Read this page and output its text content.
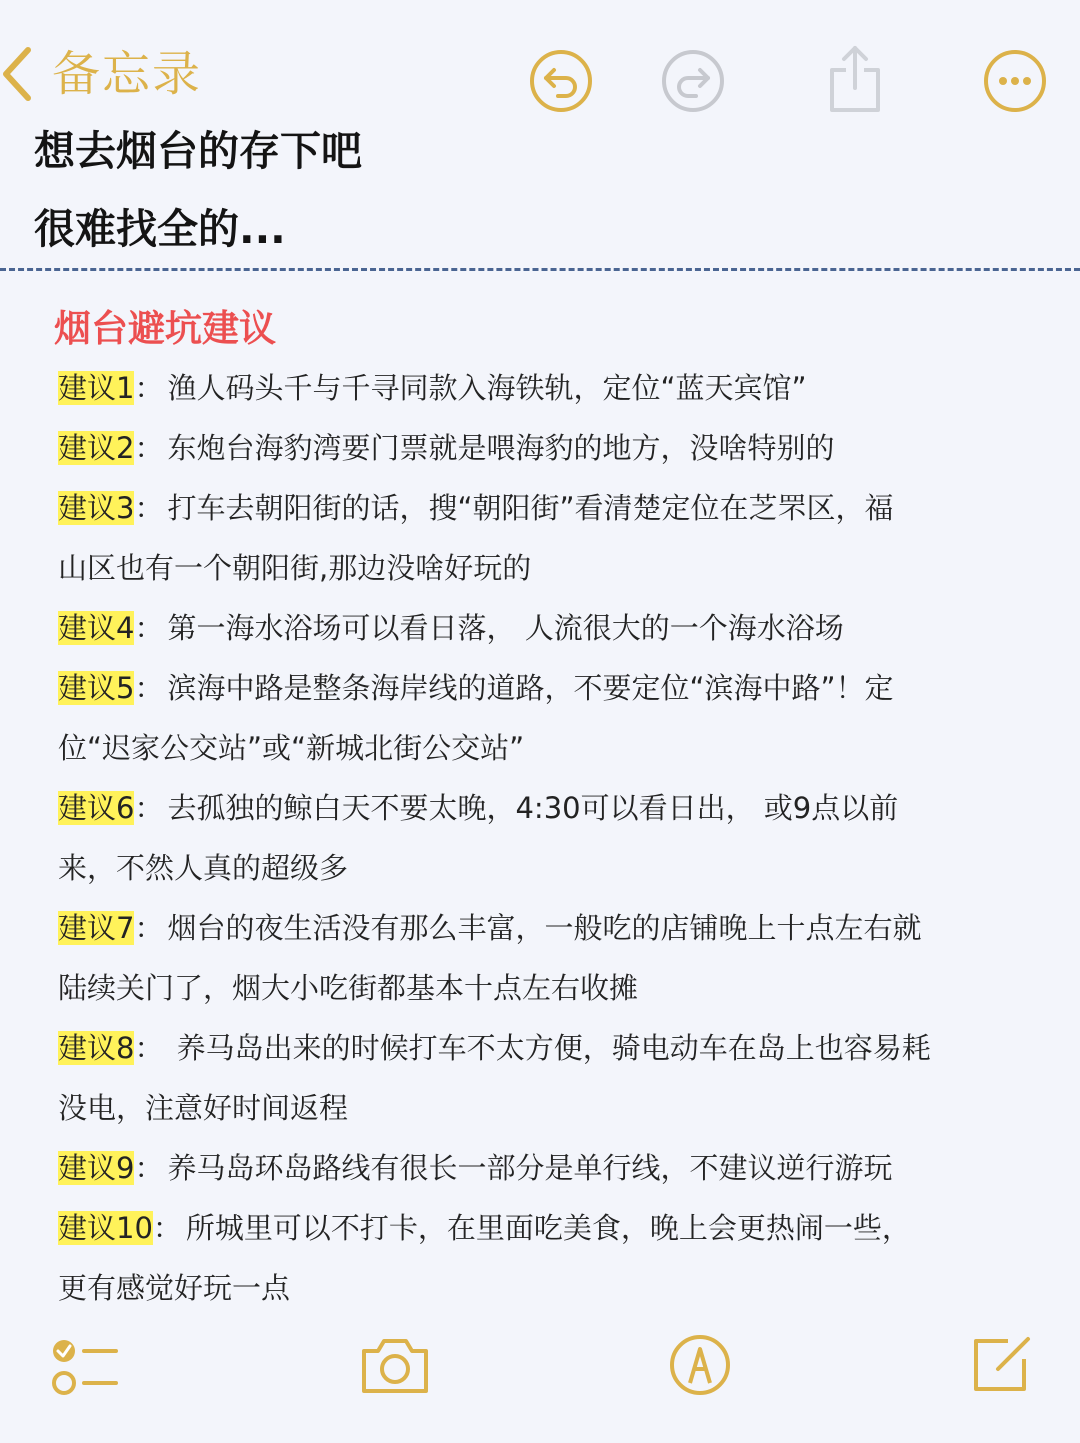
备忘录
想去烟台的存下吧
很难找全的...
烟台避坑建议
建议1： 渔人码头千与千寻同款入海铁轨，定位“蓝天宾馆”
建议2： 东炮台海豹湾要门票就是喂海豹的地方，没啥特别的
建议3： 打车去朝阳街的话，搜“朝阳街”看清楚定位在芝罘区，福
山区也有一个朝阳街,那边没啥好玩的
建议4： 第一海水浴场可以看日落， 人流很大的一个海水浴场
建议5： 滨海中路是整条海岸线的道路，不要定位“滨海中路”！定
位“迟家公交站”或“新城北街公交站”
建议6： 去孤独的鲸白天不要太晚，4:30可以看日出， 或9点以前
来，不然人真的超级多
建议7： 烟台的夜生活没有那么丰富，一般吃的店铺晚上十点左右就
陆续关门了，烟大小吃街都基本十点左右收摊
建议8： 养马岛出来的时候打车不太方便，骑电动车在岛上也容易耗
没电，注意好时间返程
建议9： 养马岛环岛路线有很长一部分是单行线，不建议逆行游玩
建议10： 所城里可以不打卡，在里面吃美食，晚上会更热闹一些，
更有感觉好玩一点
